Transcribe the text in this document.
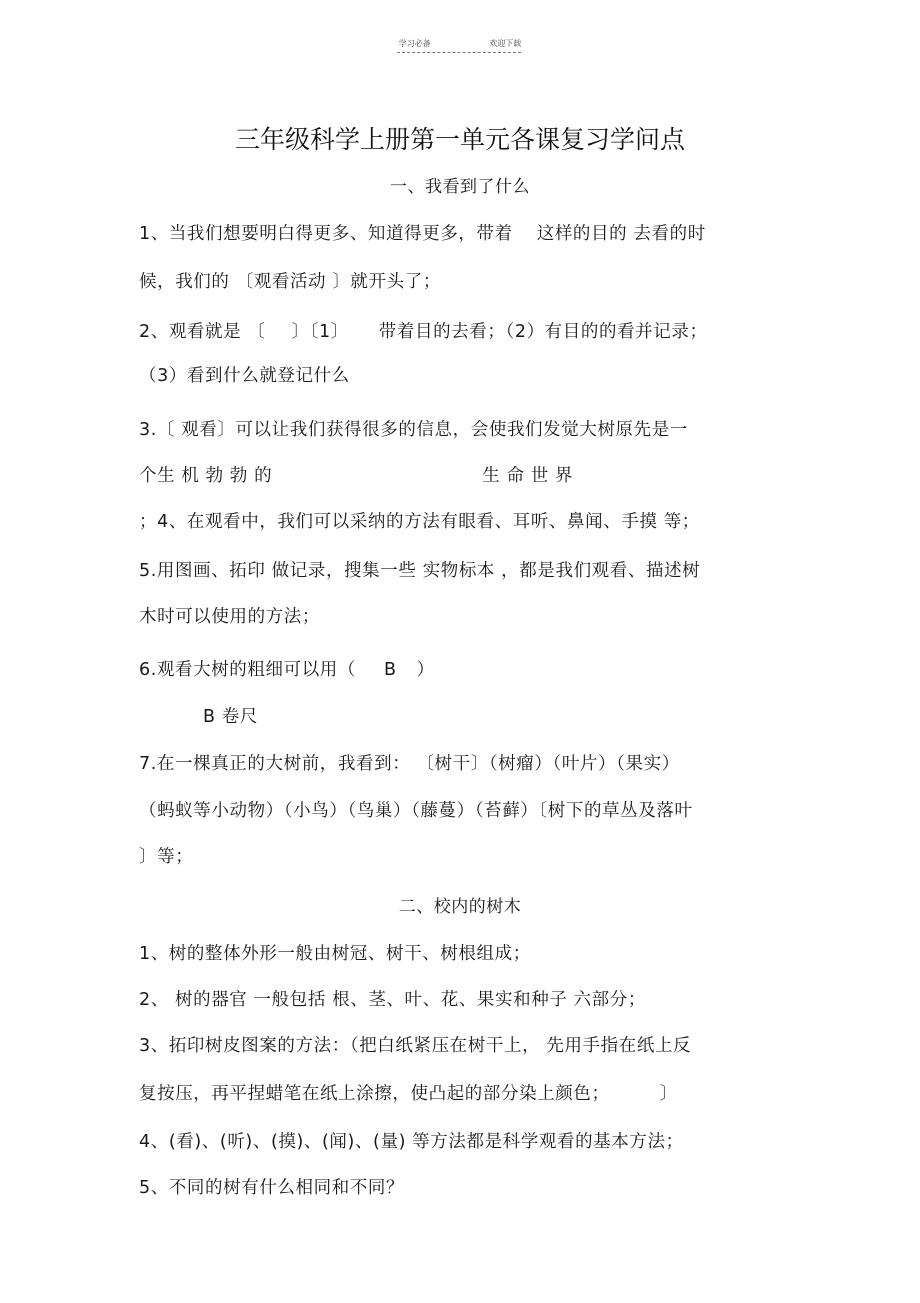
学习必备	欢迎下载
三年级科学上册第一单元各课复习学问点
一、我看到了什么
1、当我们想要明白得更多、知道得更多，带着 这样的目的 去看的时
候，我们的 〔观看活动 〕就开头了；
2、观看就是 〔 〕〔1〕 带着目的去看；（2）有目的的看并记录；
（3）看到什么就登记什么
3.〔 观看〕可以让我们获得很多的信息，会使我们发觉大树原先是一
个生 机 勃 勃 的	生 命 世 界
；4、在观看中，我们可以采纳的方法有眼看、耳听、鼻闻、手摸 等；
5.用图画、拓印 做记录，搜集一些 实物标本 ，都是我们观看、描述树
木时可以使用的方法；
6.观看大树的粗细可以用（ B ）
B 卷尺
7.在一棵真正的大树前，我看到： 〔树干〕（树瘤）（叶片）（果实）
（蚂蚁等小动物）（小鸟）（鸟巢）（藤蔓）（苔藓）〔树下的草丛及落叶
〕等；
二、校内的树木
1、树的整体外形一般由树冠、树干、树根组成；
2、 树的器官 一般包括 根、茎、叶、花、果实和种子 六部分；
3、拓印树皮图案的方法：（把白纸紧压在树干上， 先用手指在纸上反
复按压，再平捏蜡笔在纸上涂擦，使凸起的部分染上颜色；	〕
4、(看)、(听)、(摸)、(闻)、(量) 等方法都是科学观看的基本方法；
5、不同的树有什么相同和不同？
